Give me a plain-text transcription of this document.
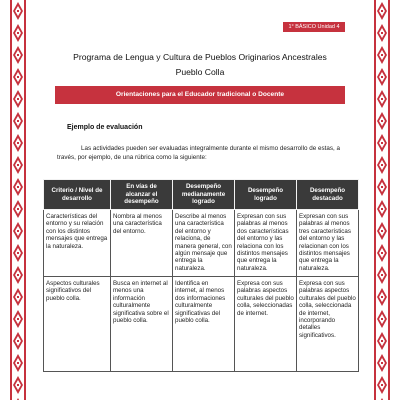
1° BÁSICO Unidad 4
Programa de Lengua y Cultura de Pueblos Originarios Ancestrales
Pueblo Colla
Orientaciones para el Educador tradicional o Docente
Ejemplo de evaluación
Las actividades pueden ser evaluadas integralmente durante el mismo desarrollo de estas, a través, por ejemplo, de una rúbrica como la siguiente:
Criterio / Nivel de desarrollo	En vías de alcanzar el desempeño	Desempeño medianamente logrado	Desempeño logrado	Desempeño destacado
Características del entorno y su relación con los distintos mensajes que entrega la naturaleza.	Nombra al menos una característica del entorno.	Describe al menos una característica del entorno y relaciona, de manera general, con algún mensaje que entrega la naturaleza.	Expresan con sus palabras al menos dos características del entorno y las relaciona con los distintos mensajes que entrega la naturaleza.	Expresan con sus palabras al menos tres características del entorno y las relacionan con los distintos mensajes que entrega la naturaleza.
Aspectos culturales significativos del pueblo colla.	Busca en internet al menos una información culturalmente significativa sobre el pueblo colla.	Identifica en internet, al menos dos informaciones culturalmente significativas del pueblo colla.	Expresa con sus palabras aspectos culturales del pueblo colla, seleccionadas de internet.	Expresa con sus palabras aspectos culturales del pueblo colla, seleccionada de internet, incorporando detalles significativos.
